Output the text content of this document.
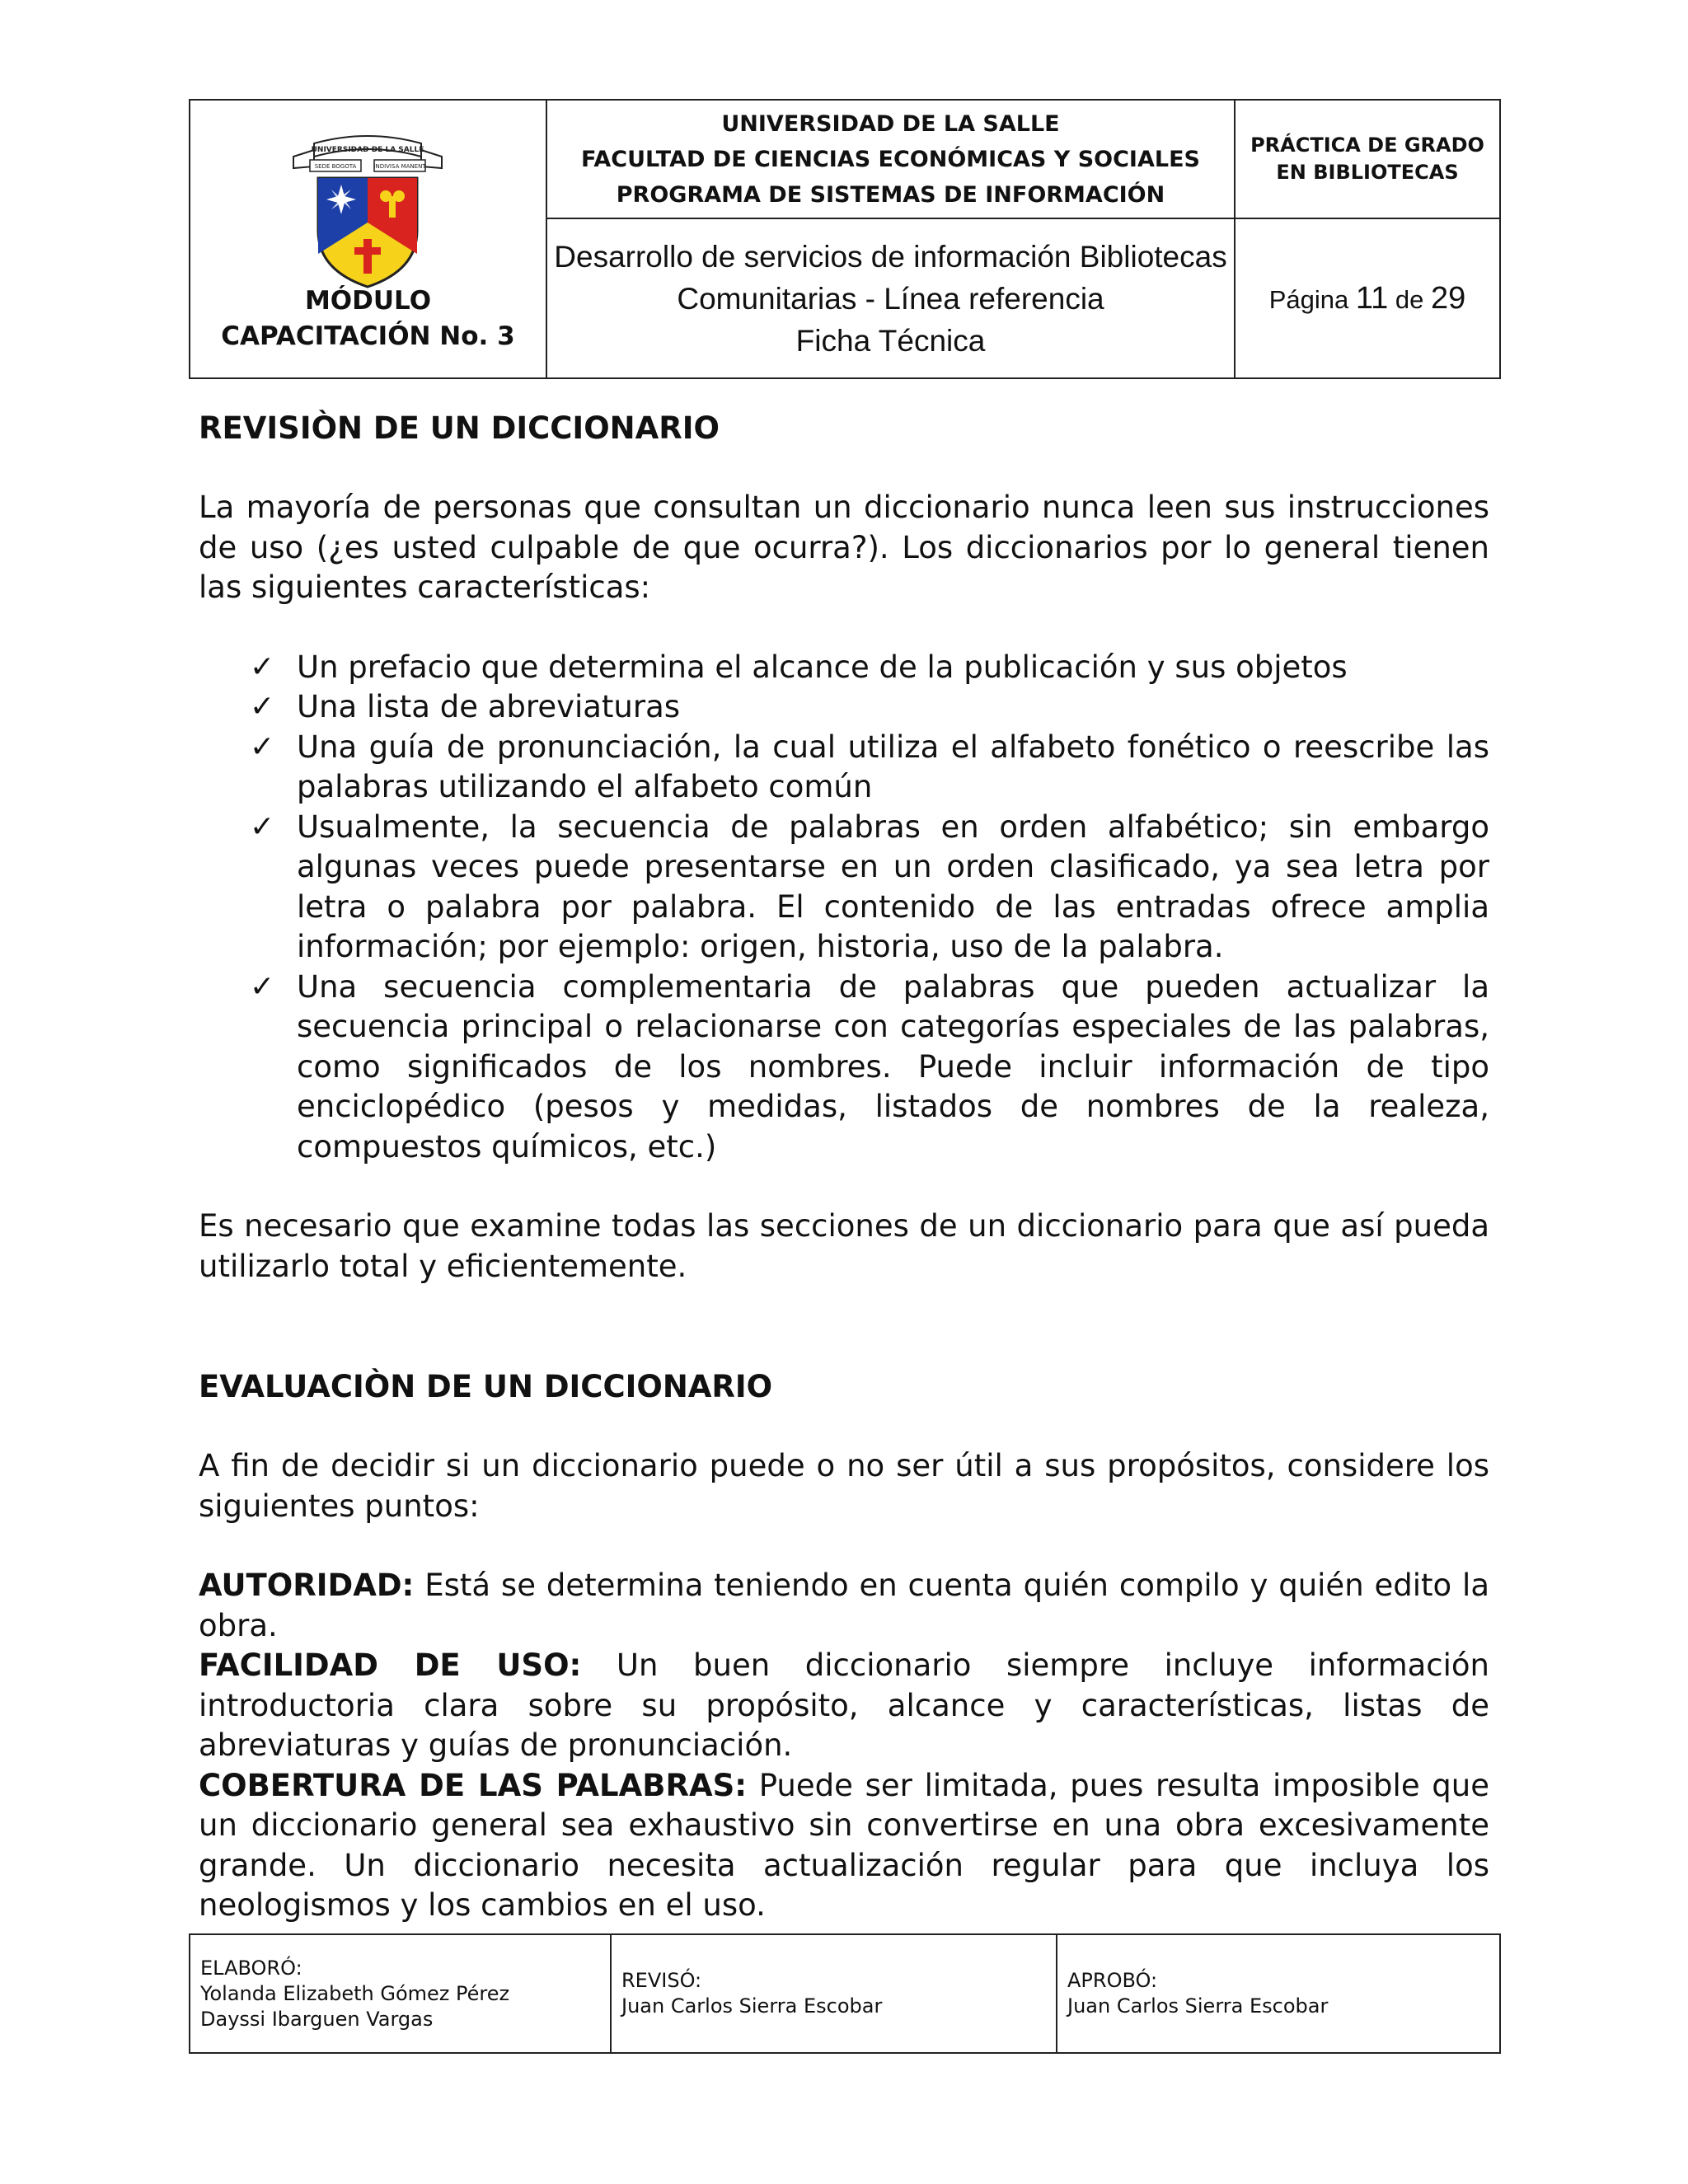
UNIVERSIDAD DE LA SALLE
SEDE BOGOTA	INDIVISA MANENT
MÓDULO
CAPACITACIÓN No. 3
UNIVERSIDAD DE LA SALLE
FACULTAD DE CIENCIAS ECONÓMICAS Y SOCIALES
PROGRAMA DE SISTEMAS DE INFORMACIÓN
PRÁCTICA DE GRADO
EN BIBLIOTECAS
Desarrollo de servicios de información Bibliotecas
Comunitarias - Línea referencia
Ficha Técnica
Página 11 de 29
REVISIÒN DE UN DICCIONARIO
La mayoría de personas que consultan un diccionario nunca leen sus instrucciones de uso (¿es usted culpable de que ocurra?). Los diccionarios por lo general tienen las siguientes características:
✓ Un prefacio que determina el alcance de la publicación y sus objetos
✓ Una lista de abreviaturas
✓ Una guía de pronunciación, la cual utiliza el alfabeto fonético o reescribe las palabras utilizando el alfabeto común
✓ Usualmente, la secuencia de palabras en orden alfabético; sin embargo algunas veces puede presentarse en un orden clasificado, ya sea letra por letra o palabra por palabra. El contenido de las entradas ofrece amplia información; por ejemplo: origen, historia, uso de la palabra.
✓ Una secuencia complementaria de palabras que pueden actualizar la secuencia principal o relacionarse con categorías especiales de las palabras, como significados de los nombres. Puede incluir información de tipo enciclopédico (pesos y medidas, listados de nombres de la realeza, compuestos químicos, etc.)
Es necesario que examine todas las secciones de un diccionario para que así pueda utilizarlo total y eficientemente.
EVALUACIÒN DE UN DICCIONARIO
A fin de decidir si un diccionario puede o no ser útil a sus propósitos, considere los siguientes puntos:
AUTORIDAD: Está se determina teniendo en cuenta quién compilo y quién edito la obra.
FACILIDAD DE USO: Un buen diccionario siempre incluye información introductoria clara sobre su propósito, alcance y características, listas de abreviaturas y guías de pronunciación.
COBERTURA DE LAS PALABRAS: Puede ser limitada, pues resulta imposible que un diccionario general sea exhaustivo sin convertirse en una obra excesivamente grande. Un diccionario necesita actualización regular para que incluya los neologismos y los cambios en el uso.
ELABORÓ:
Yolanda Elizabeth Gómez Pérez
Dayssi Ibarguen Vargas
REVISÓ:
Juan Carlos Sierra Escobar
APROBÓ:
Juan Carlos Sierra Escobar
